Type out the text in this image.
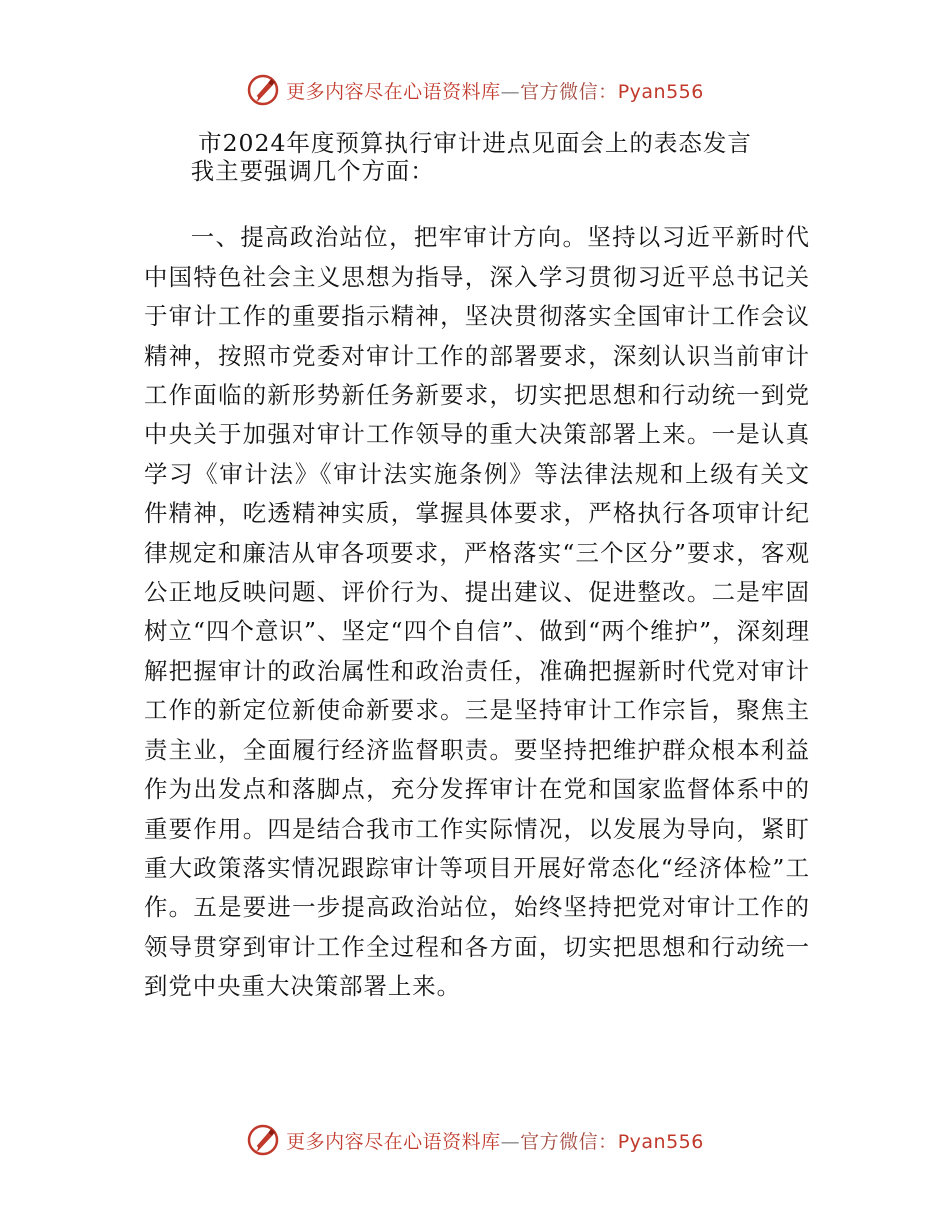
更多内容尽在心语资料库—官方微信：Pyan556
市2024年度预算执行审计进点见面会上的表态发言

我主要强调几个方面：

一、提高政治站位，把牢审计方向。坚持以习近平新时代中国特色社会主义思想为指导，深入学习贯彻习近平总书记关于审计工作的重要指示精神，坚决贯彻落实全国审计工作会议精神，按照市党委对审计工作的部署要求，深刻认识当前审计工作面临的新形势新任务新要求，切实把思想和行动统一到党中央关于加强对审计工作领导的重大决策部署上来。一是认真学习《审计法》《审计法实施条例》等法律法规和上级有关文件精神，吃透精神实质，掌握具体要求，严格执行各项审计纪律规定和廉洁从审各项要求，严格落实“三个区分”要求，客观公正地反映问题、评价行为、提出建议、促进整改。二是牢固树立“四个意识”、坚定“四个自信”、做到“两个维护”，深刻理解把握审计的政治属性和政治责任，准确把握新时代党对审计工作的新定位新使命新要求。三是坚持审计工作宗旨，聚焦主责主业，全面履行经济监督职责。要坚持把维护群众根本利益作为出发点和落脚点，充分发挥审计在党和国家监督体系中的重要作用。四是结合我市工作实际情况，以发展为导向，紧盯重大政策落实情况跟踪审计等项目开展好常态化“经济体检”工作。五是要进一步提高政治站位，始终坚持把党对审计工作的领导贯穿到审计工作全过程和各方面，切实把思想和行动统一到党中央重大决策部署上来。

更多内容尽在心语资料库—官方微信：Pyan556
